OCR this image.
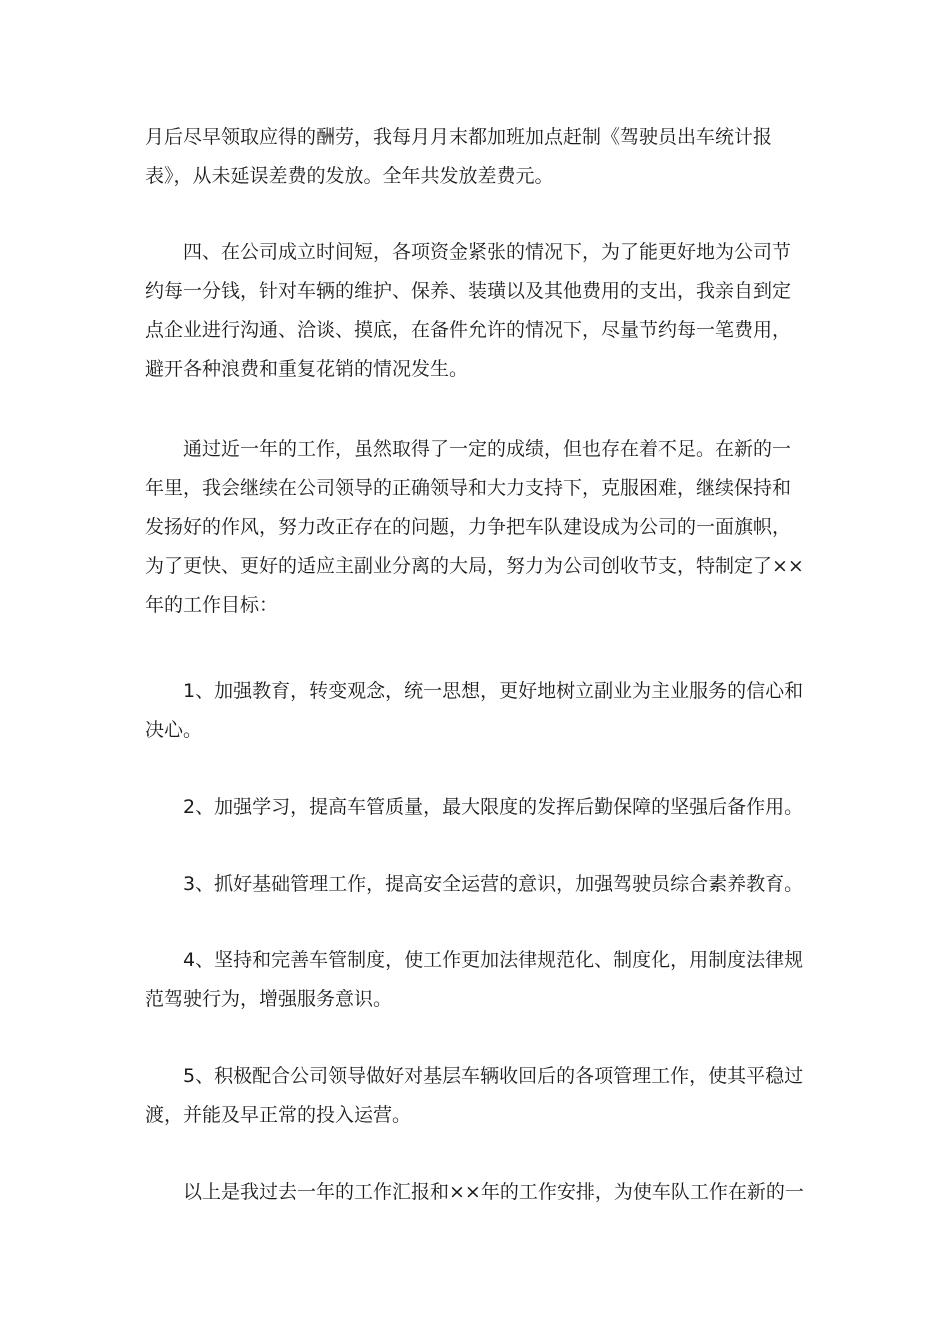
月后尽早领取应得的酬劳，我每月月末都加班加点赶制《驾驶员出车统计报
表》，从未延误差费的发放。全年共发放差费元。
　　四、在公司成立时间短，各项资金紧张的情况下，为了能更好地为公司节
约每一分钱，针对车辆的维护、保养、装璜以及其他费用的支出，我亲自到定
点企业进行沟通、洽谈、摸底，在备件允许的情况下，尽量节约每一笔费用，
避开各种浪费和重复花销的情况发生。
　　通过近一年的工作，虽然取得了一定的成绩，但也存在着不足。在新的一
年里，我会继续在公司领导的正确领导和大力支持下，克服困难，继续保持和
发扬好的作风，努力改正存在的问题，力争把车队建设成为公司的一面旗帜，
为了更快、更好的适应主副业分离的大局，努力为公司创收节支，特制定了××
年的工作目标：
　　1、加强教育，转变观念，统一思想，更好地树立副业为主业服务的信心和
决心。
　　2、加强学习，提高车管质量，最大限度的发挥后勤保障的坚强后备作用。
　　3、抓好基础管理工作，提高安全运营的意识，加强驾驶员综合素养教育。
　　4、坚持和完善车管制度，使工作更加法律规范化、制度化，用制度法律规
范驾驶行为，增强服务意识。
　　5、积极配合公司领导做好对基层车辆收回后的各项管理工作，使其平稳过
渡，并能及早正常的投入运营。
　　以上是我过去一年的工作汇报和××年的工作安排，为使车队工作在新的一
